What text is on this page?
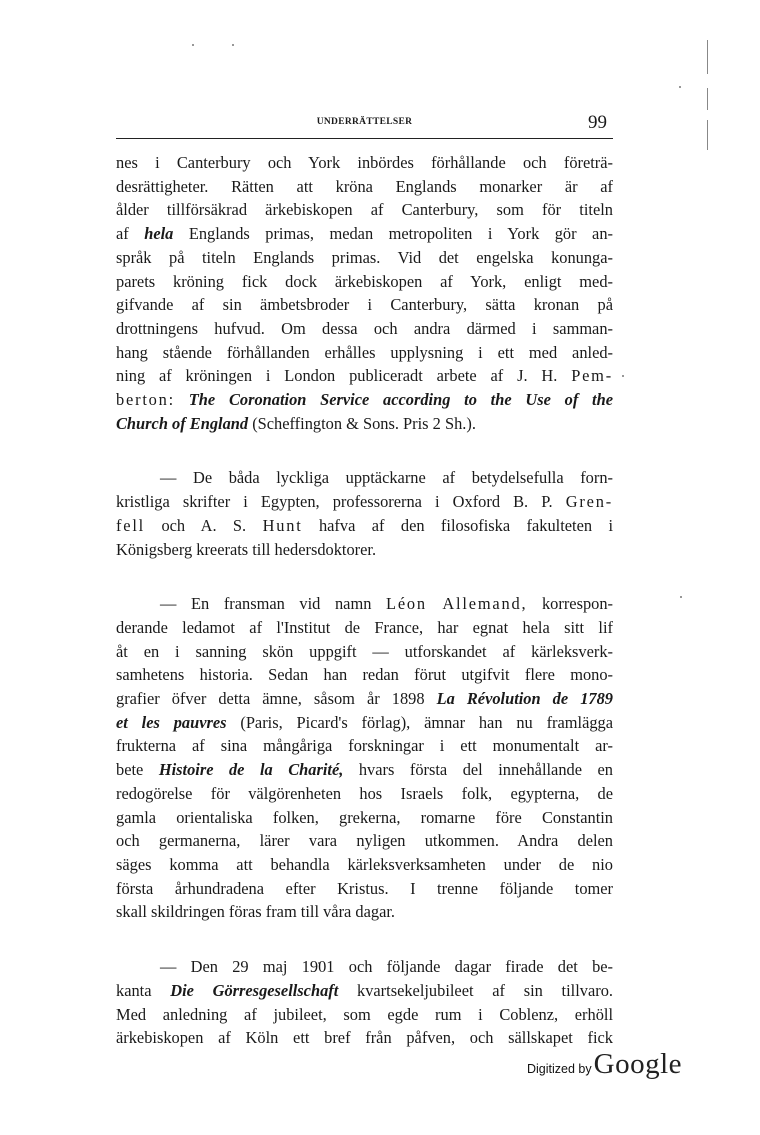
UNDERRÄTTELSER	99

nes i Canterbury och York inbördes förhållande och företrä-
desrättigheter. Rätten att kröna Englands monarker är af
ålder tillförsäkrad ärkebiskopen af Canterbury, som för titeln
af hela Englands primas, medan metropoliten i York gör an-
språk på titeln Englands primas. Vid det engelska konunga-
parets kröning fick dock ärkebiskopen af York, enligt med-
gifvande af sin ämbetsbroder i Canterbury, sätta kronan på
drottningens hufvud. Om dessa och andra därmed i samman-
hang stående förhållanden erhålles upplysning i ett med anled-
ning af kröningen i London publiceradt arbete af J. H. Pem-
berton: The Coronation Service according to the Use of the
Church of England (Scheffington & Sons. Pris 2 Sh.).

— De båda lyckliga upptäckarne af betydelsefulla forn-
kristliga skrifter i Egypten, professorerna i Oxford B. P. Gren-
fell och A. S. Hunt hafva af den filosofiska fakulteten i
Königsberg kreerats till hedersdoktorer.

— En fransman vid namn Léon Allemand, korrespon-
derande ledamot af l'Institut de France, har egnat hela sitt lif
åt en i sanning skön uppgift — utforskandet af kärleksverk-
samhetens historia. Sedan han redan förut utgifvit flere mono-
grafier öfver detta ämne, såsom år 1898 La Révolution de 1789
et les pauvres (Paris, Picard's förlag), ämnar han nu framlägga
frukterna af sina mångåriga forskningar i ett monumentalt ar-
bete Histoire de la Charité, hvars första del innehållande en
redogörelse för välgörenheten hos Israels folk, egypterna, de
gamla orientaliska folken, grekerna, romarne före Constantin
och germanerna, lärer vara nyligen utkommen. Andra delen
säges komma att behandla kärleksverksamheten under de nio
första århundradena efter Kristus. I trenne följande tomer
skall skildringen föras fram till våra dagar.

— Den 29 maj 1901 och följande dagar firade det be-
kanta Die Görresgesellschaft kvartsekeljubileet af sin tillvaro.
Med anledning af jubileet, som egde rum i Coblenz, erhöll
ärkebiskopen af Köln ett bref från påfven, och sällskapet fick

Digitized by Google
